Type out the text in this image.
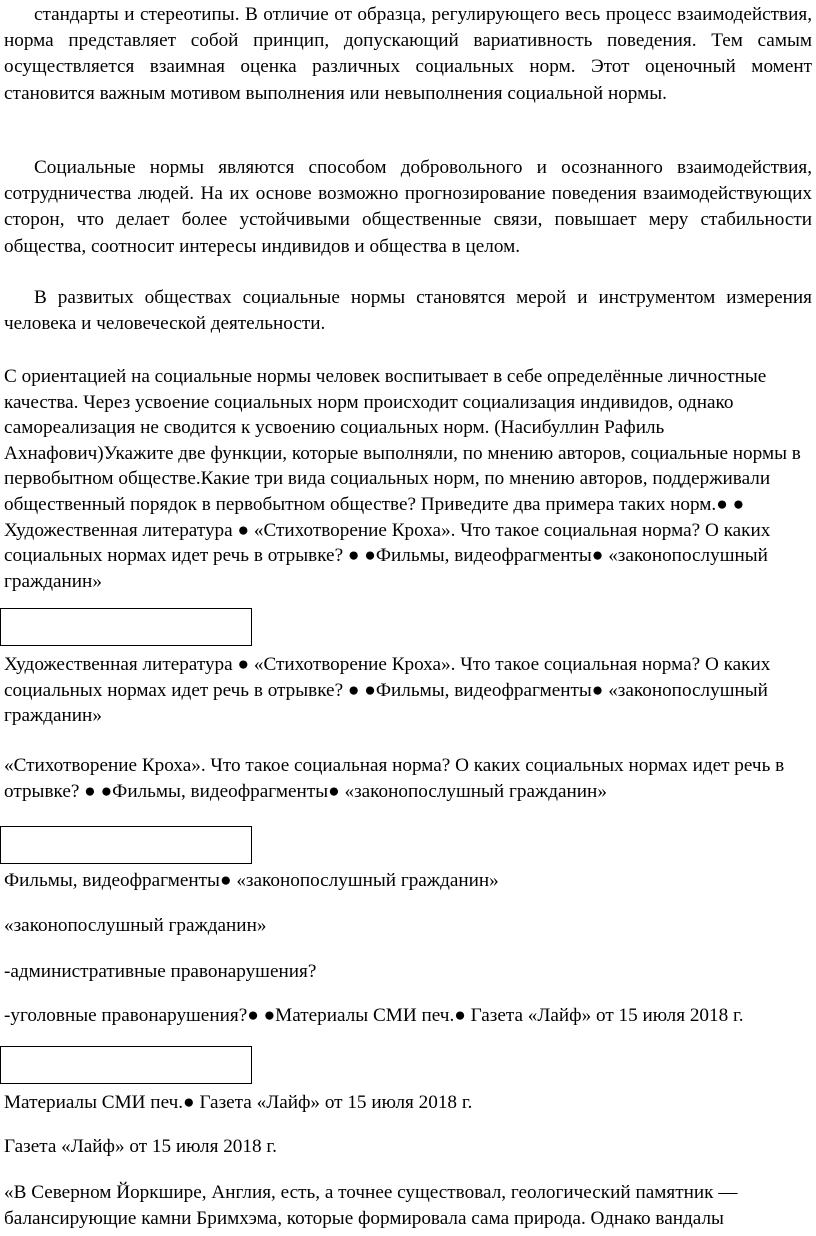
стандарты и стереотипы. В отличие от образца, регулирующего весь процесс взаимодействия, норма представляет собой принцип, допускающий вариативность поведения. Тем самым осуществляется взаимная оценка различных социальных норм. Этот оценочный момент становится важным мотивом выполнения или невыполнения социальной нормы.

Социальные нормы являются способом добровольного и осознанного взаимодействия, сотрудничества людей. На их основе возможно прогнозирование поведения взаимодействующих сторон, что делает более устойчивыми общественные связи, повышает меру стабильности общества, соотносит интересы индивидов и общества в целом.

В развитых обществах социальные нормы становятся мерой и инструментом измерения человека и человеческой деятельности.

С ориентацией на социальные нормы человек воспитывает в себе определённые личностные качества. Через усвоение социальных норм происходит социализация индивидов, однако самореализация не сводится к усвоению социальных норм. (Насибуллин Рафиль Ахнафович)Укажите две функции, которые выполняли, по мнению авторов, социальные нормы в первобытном обществе.Какие три вида социальных норм, по мнению авторов, поддерживали общественный порядок в первобытном обществе? Приведите два примера таких норм.● ● Художественная литература ● «Стихотворение Кроха». Что такое социальная норма? О каких социальных нормах идет речь в отрывке? ● ●Фильмы, видеофрагменты● «законопослушный гражданин»

Художественная литература ● «Стихотворение Кроха». Что такое социальная норма? О каких социальных нормах идет речь в отрывке? ● ●Фильмы, видеофрагменты● «законопослушный гражданин»

«Стихотворение Кроха». Что такое социальная норма? О каких социальных нормах идет речь в отрывке? ● ●Фильмы, видеофрагменты● «законопослушный гражданин»

Фильмы, видеофрагменты● «законопослушный гражданин»

«законопослушный гражданин»

-административные правонарушения?

-уголовные правонарушения?● ●Материалы СМИ печ.● Газета «Лайф» от 15 июля 2018 г.

Материалы СМИ печ.● Газета «Лайф» от 15 июля 2018 г.

Газета «Лайф» от 15 июля 2018 г.

«В Северном Йоркшире, Англия, есть, а точнее существовал, геологический памятник — балансирующие камни Бримхэма, которые формировала сама природа. Однако вандалы
